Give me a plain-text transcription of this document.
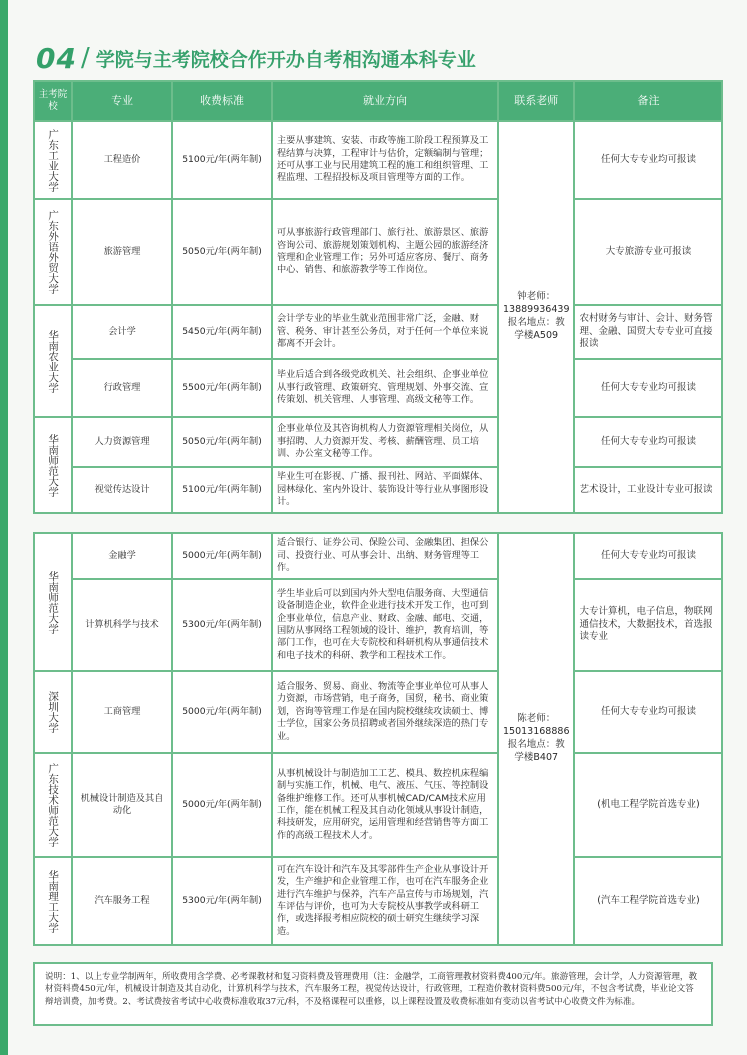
04 / 学院与主考院校合作开办自考相沟通本科专业
主考院校	专业	收费标准	就业方向	联系老师	备注
广东工业大学	工程造价	5100元/年(两年制)	主要从事建筑、安装、市政等施工阶段工程预算及工程结算与决算，工程审计与估价，定额编制与管理；还可从事工业与民用建筑工程的施工和组织管理、工程监理、工程招投标及项目管理等方面的工作。	钟老师：13889936439 报名地点：教学楼A509	任何大专专业均可报读
广东外语外贸大学	旅游管理	5050元/年(两年制)	可从事旅游行政管理部门、旅行社、旅游景区、旅游咨询公司、旅游规划策划机构、主题公园的旅游经济管理和企业管理工作；另外可适应客房、餐厅、商务中心、销售、和旅游教学等工作岗位。		大专旅游专业可报读
华南农业大学	会计学	5450元/年(两年制)	会计学专业的毕业生就业范围非常广泛，金融、财管、税务、审计甚至公务员，对于任何一个单位来说都离不开会计。		农村财务与审计、会计、财务管理、金融、国贸大专专业可直接报读
	行政管理	5500元/年(两年制)	毕业后适合到各级党政机关、社会组织、企事业单位从事行政管理、政策研究、管理规划、外事交流、宣传策划、机关管理、人事管理、高级文秘等工作。		任何大专专业均可报读
华南师范大学	人力资源管理	5050元/年(两年制)	企事业单位及其咨询机构人力资源管理相关岗位，从事招聘、人力资源开发、考核、薪酬管理、员工培训、办公室文秘等工作。		任何大专专业均可报读
	视觉传达设计	5100元/年(两年制)	毕业生可在影视、广播、报刊社、网站、平面媒体、园林绿化、室内外设计、装饰设计等行业从事图形设计。		艺术设计，工业设计专业可报读
华南师范大学	金融学	5000元/年(两年制)	适合银行、证券公司、保险公司、金融集团、担保公司、投资行业、可从事会计、出纳、财务管理等工作。	陈老师：15013168886 报名地点：教学楼B407	任何大专专业均可报读
	计算机科学与技术	5300元/年(两年制)	学生毕业后可以到国内外大型电信服务商、大型通信设备制造企业，软件企业进行技术开发工作，也可到企事业单位，信息产业、财政、金融、邮电、交通，国防从事网络工程领域的设计、维护，教育培训，等部门工作，也可在大专院校和科研机构从事通信技术和电子技术的科研、教学和工程技术工作。		大专计算机，电子信息，物联网通信技术，大数据技术，首选报读专业
深圳大学	工商管理	5000元/年(两年制)	适合服务、贸易、商业、物流等企事业单位可从事人力资源，市场营销，电子商务，国贸，秘书、商业策划，咨询等管理工作是在国内院校继续攻读硕士、博士学位，国家公务员招聘或者国外继续深造的热门专业。		任何大专专业均可报读
广东技术师范大学	机械设计制造及其自动化	5000元/年(两年制)	从事机械设计与制造加工工艺、模具、数控机床程编制与实施工作，机械、电气、液压、气压、等控制设备维护维修工作。还可从事机械CAD/CAM技术应用工作，能在机械工程及其自动化领域从事设计制造，科技研发，应用研究，运用管理和经营销售等方面工作的高级工程技术人才。		(机电工程学院首选专业)
华南理工大学	汽车服务工程	5300元/年(两年制)	可在汽车设计和汽车及其零部件生产企业从事设计开发，生产维护和企业管理工作，也可在汽车服务企业进行汽车维护与保养，汽车产品宣传与市场规划，汽车评估与评价，也可为大专院校从事教学或科研工作，或选择报考相应院校的硕士研究生继续学习深造。		(汽车工程学院首选专业)
说明：1、以上专业学制两年，所收费用含学费、必考课教材和复习资料费及管理费用（注：金融学，工商管理教材资料费400元/年。旅游管理，会计学，人力资源管理，教材资料费450元/年，机械设计制造及其自动化，计算机科学与技术，汽车服务工程，视觉传达设计，行政管理，工程造价教材资料费500元/年，不包含考试费，毕业论文答辩培训费，加考费。2、考试费按省考试中心收费标准收取37元/科，不及格课程可以重修，以上课程设置及收费标准如有变动以省考试中心收费文件为标准。
